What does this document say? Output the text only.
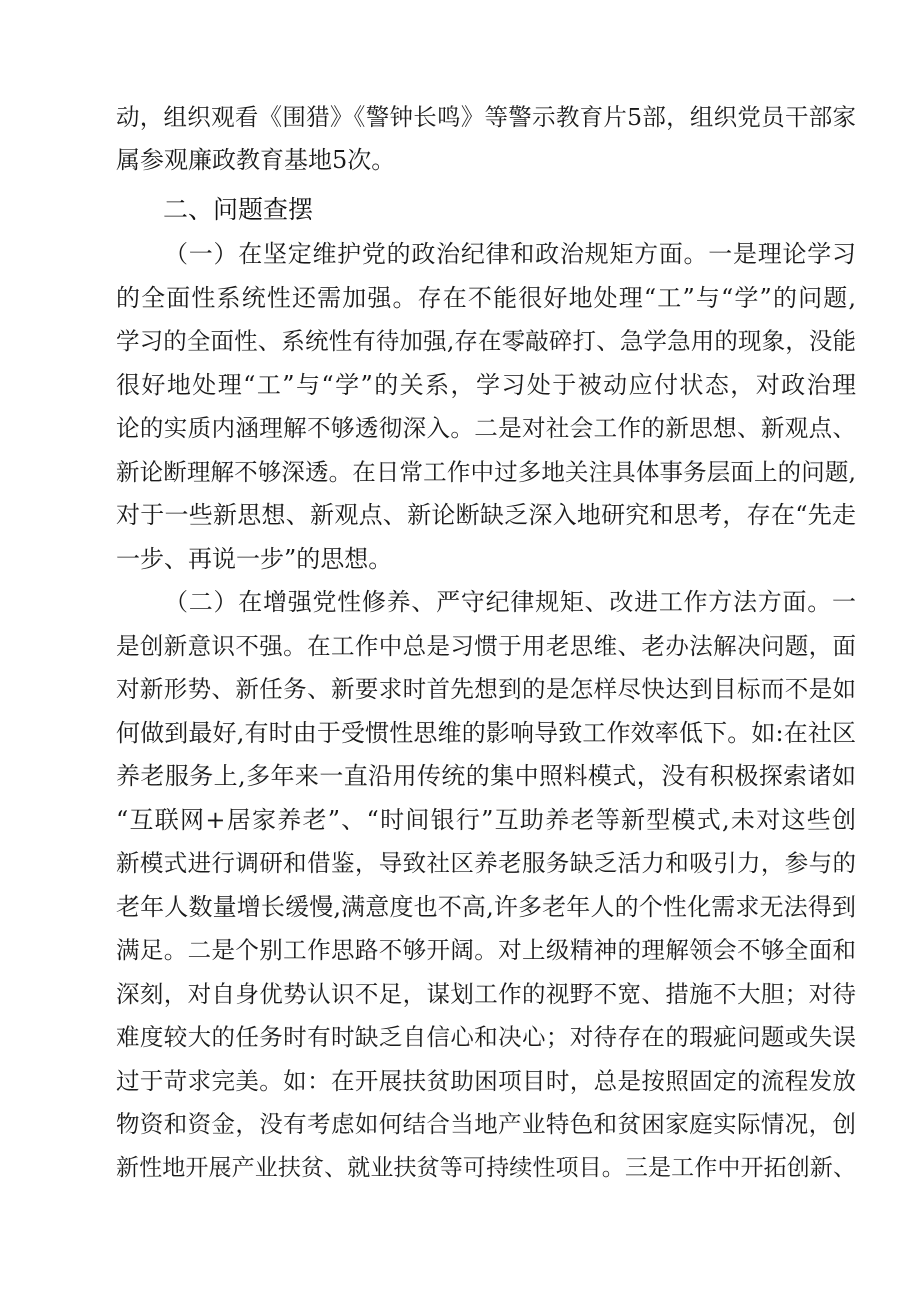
动，组织观看《围猎》《警钟长鸣》等警示教育片5部，组织党员干部家
属参观廉政教育基地5次。
二、问题查摆
（一）在坚定维护党的政治纪律和政治规矩方面。一是理论学习
的全面性系统性还需加强。存在不能很好地处理“工”与“学”的问题,
学习的全面性、系统性有待加强,存在零敲碎打、急学急用的现象，没能
很好地处理“工”与“学”的关系，学习处于被动应付状态，对政治理
论的实质内涵理解不够透彻深入。二是对社会工作的新思想、新观点、
新论断理解不够深透。在日常工作中过多地关注具体事务层面上的问题,
对于一些新思想、新观点、新论断缺乏深入地研究和思考，存在“先走
一步、再说一步”的思想。
（二）在增强党性修养、严守纪律规矩、改进工作方法方面。一
是创新意识不强。在工作中总是习惯于用老思维、老办法解决问题，面
对新形势、新任务、新要求时首先想到的是怎样尽快达到目标而不是如
何做到最好,有时由于受惯性思维的影响导致工作效率低下。如:在社区
养老服务上,多年来一直沿用传统的集中照料模式，没有积极探索诸如
“互联网+居家养老”、“时间银行”互助养老等新型模式,未对这些创
新模式进行调研和借鉴，导致社区养老服务缺乏活力和吸引力，参与的
老年人数量增长缓慢,满意度也不高,许多老年人的个性化需求无法得到
满足。二是个别工作思路不够开阔。对上级精神的理解领会不够全面和
深刻，对自身优势认识不足，谋划工作的视野不宽、措施不大胆；对待
难度较大的任务时有时缺乏自信心和决心；对待存在的瑕疵问题或失误
过于苛求完美。如：在开展扶贫助困项目时，总是按照固定的流程发放
物资和资金，没有考虑如何结合当地产业特色和贫困家庭实际情况，创
新性地开展产业扶贫、就业扶贫等可持续性项目。三是工作中开拓创新、
